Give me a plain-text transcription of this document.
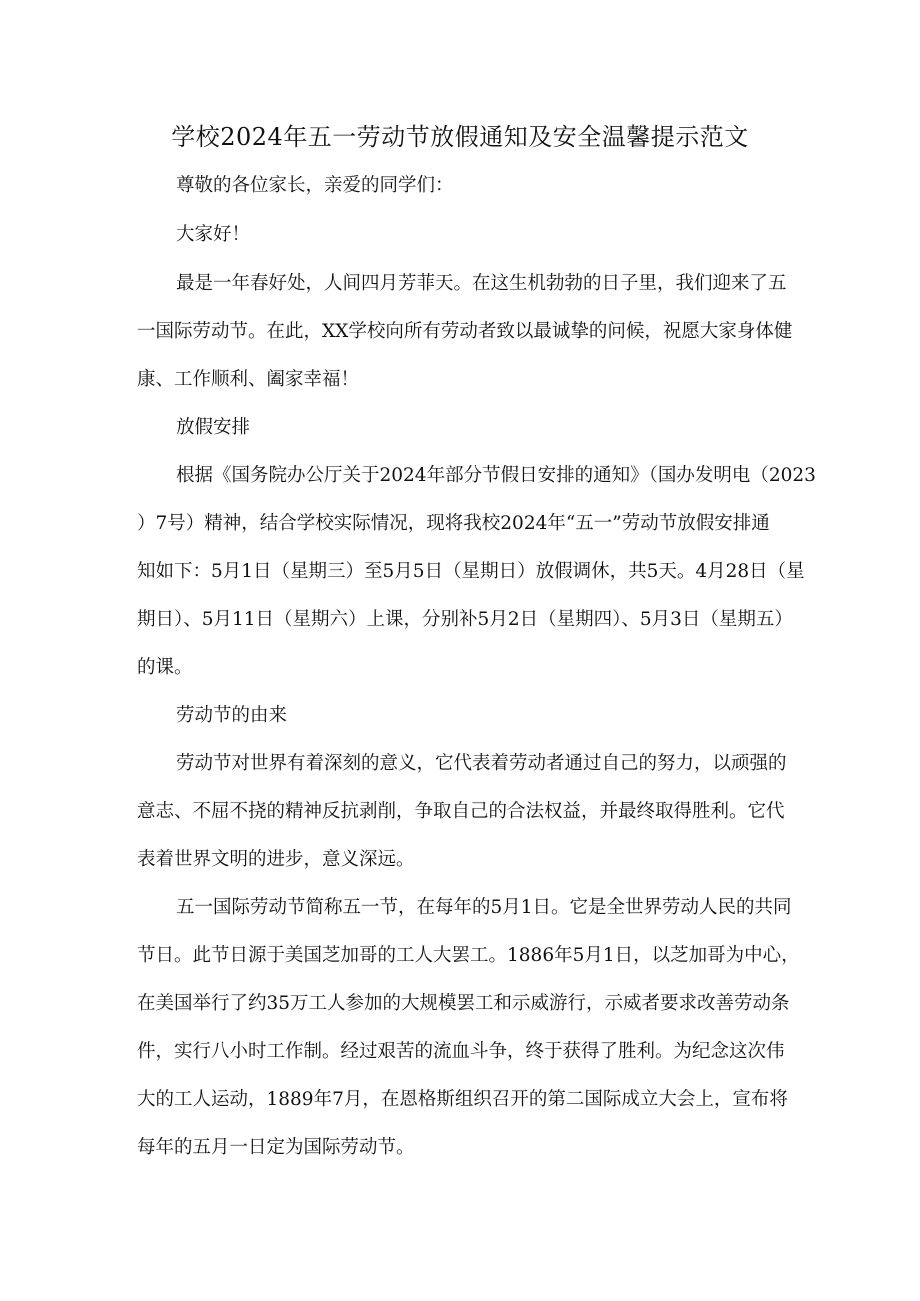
学校2024年五一劳动节放假通知及安全温馨提示范文

尊敬的各位家长，亲爱的同学们：

大家好！

最是一年春好处，人间四月芳菲天。在这生机勃勃的日子里，我们迎来了五

一国际劳动节。在此，XX学校向所有劳动者致以最诚挚的问候，祝愿大家身体健

康、工作顺利、阖家幸福！

放假安排

根据《国务院办公厅关于2024年部分节假日安排的通知》（国办发明电（2023

）7号）精神，结合学校实际情况，现将我校2024年“五一”劳动节放假安排通

知如下：5月1日（星期三）至5月5日（星期日）放假调休，共5天。4月28日（星

期日）、5月11日（星期六）上课，分别补5月2日（星期四）、5月3日（星期五）

的课。

劳动节的由来

劳动节对世界有着深刻的意义，它代表着劳动者通过自己的努力，以顽强的

意志、不屈不挠的精神反抗剥削，争取自己的合法权益，并最终取得胜利。它代

表着世界文明的进步，意义深远。

五一国际劳动节简称五一节，在每年的5月1日。它是全世界劳动人民的共同

节日。此节日源于美国芝加哥的工人大罢工。1886年5月1日，以芝加哥为中心，

在美国举行了约35万工人参加的大规模罢工和示威游行，示威者要求改善劳动条

件，实行八小时工作制。经过艰苦的流血斗争，终于获得了胜利。为纪念这次伟

大的工人运动，1889年7月，在恩格斯组织召开的第二国际成立大会上，宣布将

每年的五月一日定为国际劳动节。
